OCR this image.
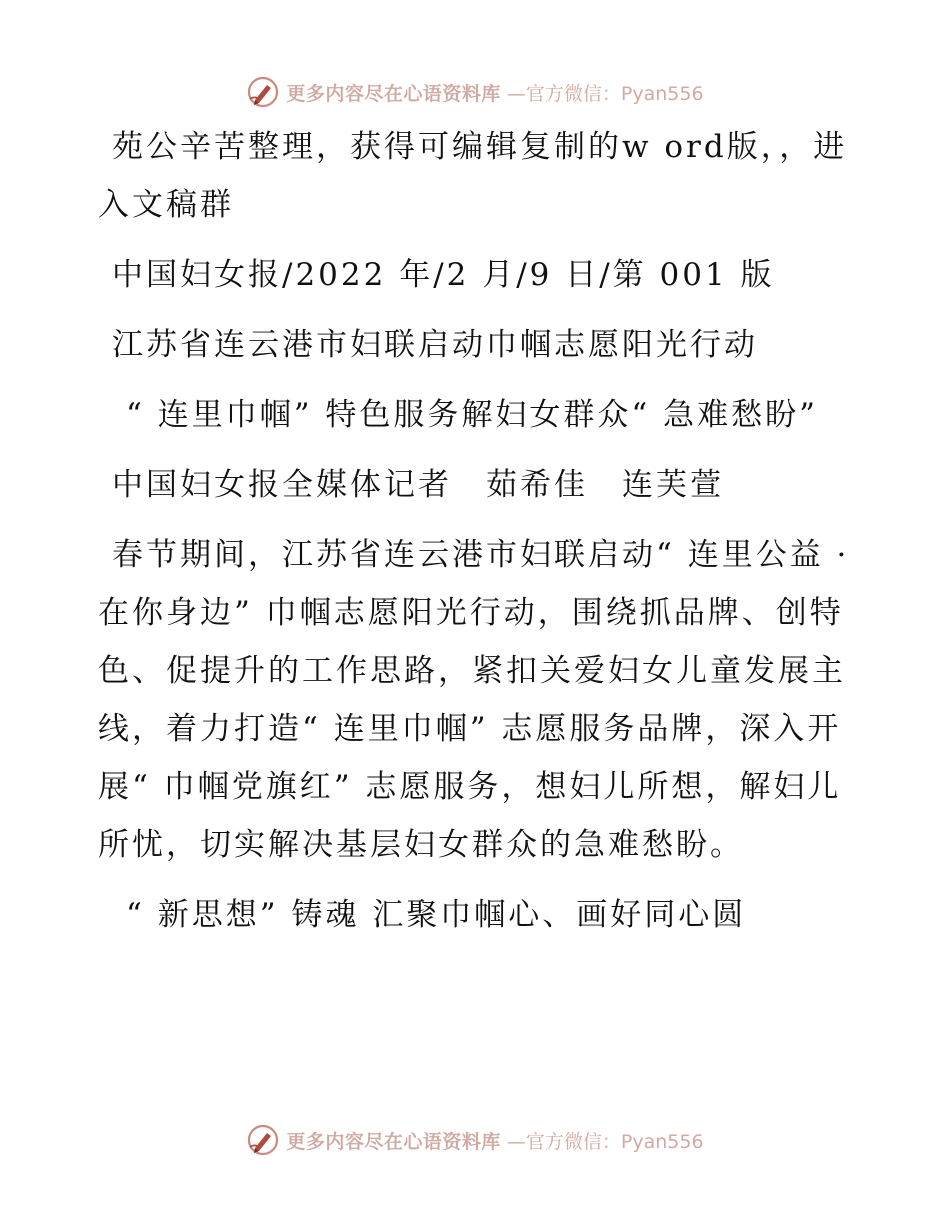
更多内容尽在心语资料库 —官方微信：Pyan556

苑公辛苦整理，获得可编辑复制的w ord版，，进入文稿群

中国妇女报/2022 年/2 月/9 日/第 001 版

江苏省连云港市妇联启动巾帼志愿阳光行动

“ 连里巾帼” 特色服务解妇女群众“ 急难愁盼”

中国妇女报全媒体记者　茹希佳　连芙萱

春节期间，江苏省连云港市妇联启动“ 连里公益 · 在你身边” 巾帼志愿阳光行动，围绕抓品牌、创特色、促提升的工作思路，紧扣关爱妇女儿童发展主线，着力打造“ 连里巾帼” 志愿服务品牌，深入开展“ 巾帼党旗红” 志愿服务，想妇儿所想，解妇儿所忧，切实解决基层妇女群众的急难愁盼。

“ 新思想” 铸魂 汇聚巾帼心、画好同心圆

更多内容尽在心语资料库 —官方微信：Pyan556
